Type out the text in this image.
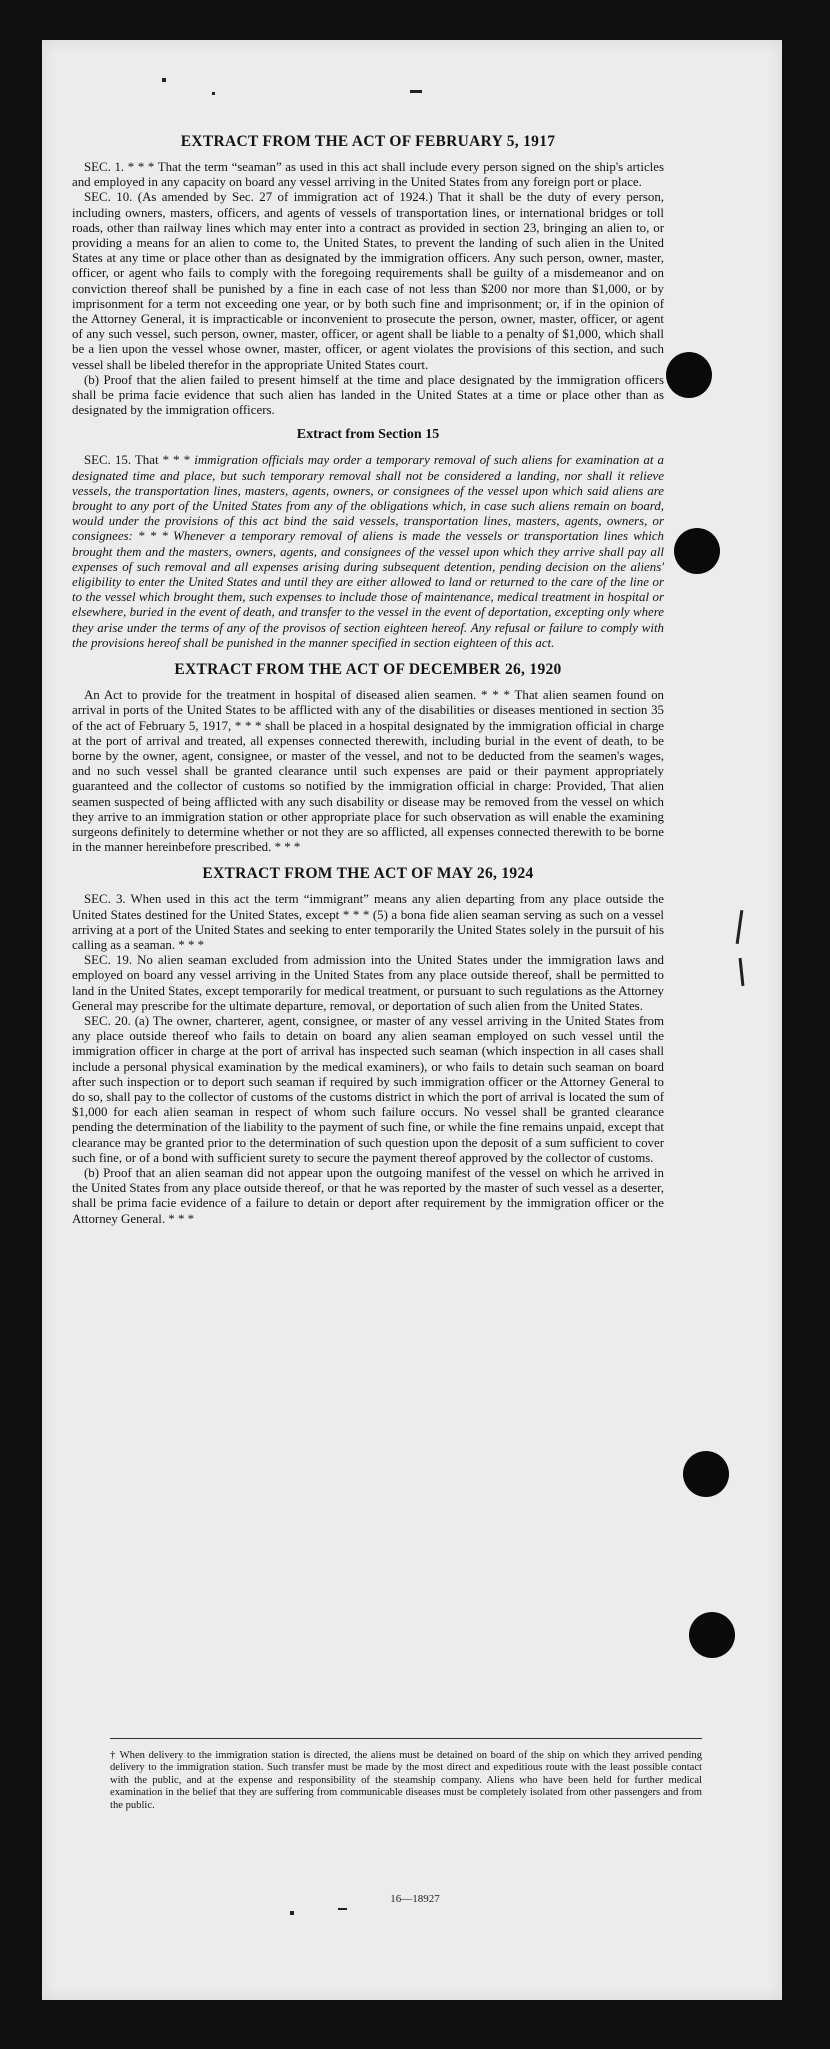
EXTRACT FROM THE ACT OF FEBRUARY 5, 1917

SEC. 1. * * * That the term “seaman” as used in this act shall include every person signed on the ship's articles and employed in any capacity on board any vessel arriving in the United States from any foreign port or place.

SEC. 10. (As amended by Sec. 27 of immigration act of 1924.) That it shall be the duty of every person, including owners, masters, officers, and agents of vessels of transportation lines, or international bridges or toll roads, other than railway lines which may enter into a contract as provided in section 23, bringing an alien to, or providing a means for an alien to come to, the United States, to prevent the landing of such alien in the United States at any time or place other than as designated by the immigration officers. Any such person, owner, master, officer, or agent who fails to comply with the foregoing requirements shall be guilty of a misdemeanor and on conviction thereof shall be punished by a fine in each case of not less than $200 nor more than $1,000, or by imprisonment for a term not exceeding one year, or by both such fine and imprisonment; or, if in the opinion of the Attorney General, it is impracticable or inconvenient to prosecute the person, owner, master, officer, or agent of any such vessel, such person, owner, master, officer, or agent shall be liable to a penalty of $1,000, which shall be a lien upon the vessel whose owner, master, officer, or agent violates the provisions of this section, and such vessel shall be libeled therefor in the appropriate United States court.

(b) Proof that the alien failed to present himself at the time and place designated by the immigration officers shall be prima facie evidence that such alien has landed in the United States at a time or place other than as designated by the immigration officers.

Extract from Section 15

SEC. 15. That * * * immigration officials may order a temporary removal of such aliens for examination at a designated time and place, but such temporary removal shall not be considered a landing, nor shall it relieve vessels, the transportation lines, masters, agents, owners, or consignees of the vessel upon which said aliens are brought to any port of the United States from any of the obligations which, in case such aliens remain on board, would under the provisions of this act bind the said vessels, transportation lines, masters, agents, owners, or consignees: * * * Whenever a temporary removal of aliens is made the vessels or transportation lines which brought them and the masters, owners, agents, and consignees of the vessel upon which they arrive shall pay all expenses of such removal and all expenses arising during subsequent detention, pending decision on the aliens' eligibility to enter the United States and until they are either allowed to land or returned to the care of the line or to the vessel which brought them, such expenses to include those of maintenance, medical treatment in hospital or elsewhere, buried in the event of death, and transfer to the vessel in the event of deportation, excepting only where they arise under the terms of any of the provisos of section eighteen hereof. Any refusal or failure to comply with the provisions hereof shall be punished in the manner specified in section eighteen of this act.

EXTRACT FROM THE ACT OF DECEMBER 26, 1920

An Act to provide for the treatment in hospital of diseased alien seamen. * * * That alien seamen found on arrival in ports of the United States to be afflicted with any of the disabilities or diseases mentioned in section 35 of the act of February 5, 1917, * * * shall be placed in a hospital designated by the immigration official in charge at the port of arrival and treated, all expenses connected therewith, including burial in the event of death, to be borne by the owner, agent, consignee, or master of the vessel, and not to be deducted from the seamen's wages, and no such vessel shall be granted clearance until such expenses are paid or their payment appropriately guaranteed and the collector of customs so notified by the immigration official in charge: Provided, That alien seamen suspected of being afflicted with any such disability or disease may be removed from the vessel on which they arrive to an immigration station or other appropriate place for such observation as will enable the examining surgeons definitely to determine whether or not they are so afflicted, all expenses connected therewith to be borne in the manner hereinbefore prescribed. * * *

EXTRACT FROM THE ACT OF MAY 26, 1924

SEC. 3. When used in this act the term “immigrant” means any alien departing from any place outside the United States destined for the United States, except * * * (5) a bona fide alien seaman serving as such on a vessel arriving at a port of the United States and seeking to enter temporarily the United States solely in the pursuit of his calling as a seaman. * * *

SEC. 19. No alien seaman excluded from admission into the United States under the immigration laws and employed on board any vessel arriving in the United States from any place outside thereof, shall be permitted to land in the United States, except temporarily for medical treatment, or pursuant to such regulations as the Attorney General may prescribe for the ultimate departure, removal, or deportation of such alien from the United States.

SEC. 20. (a) The owner, charterer, agent, consignee, or master of any vessel arriving in the United States from any place outside thereof who fails to detain on board any alien seaman employed on such vessel until the immigration officer in charge at the port of arrival has inspected such seaman (which inspection in all cases shall include a personal physical examination by the medical examiners), or who fails to detain such seaman on board after such inspection or to deport such seaman if required by such immigration officer or the Attorney General to do so, shall pay to the collector of customs of the customs district in which the port of arrival is located the sum of $1,000 for each alien seaman in respect of whom such failure occurs. No vessel shall be granted clearance pending the determination of the liability to the payment of such fine, or while the fine remains unpaid, except that clearance may be granted prior to the determination of such question upon the deposit of a sum sufficient to cover such fine, or of a bond with sufficient surety to secure the payment thereof approved by the collector of customs.

(b) Proof that an alien seaman did not appear upon the outgoing manifest of the vessel on which he arrived in the United States from any place outside thereof, or that he was reported by the master of such vessel as a deserter, shall be prima facie evidence of a failure to detain or deport after requirement by the immigration officer or the Attorney General. * * *

† When delivery to the immigration station is directed, the aliens must be detained on board of the ship on which they arrived pending delivery to the immigration station. Such transfer must be made by the most direct and expeditious route with the least possible contact with the public, and at the expense and responsibility of the steamship company. Aliens who have been held for further medical examination in the belief that they are suffering from communicable diseases must be completely isolated from other passengers and from the public.
16—18927
